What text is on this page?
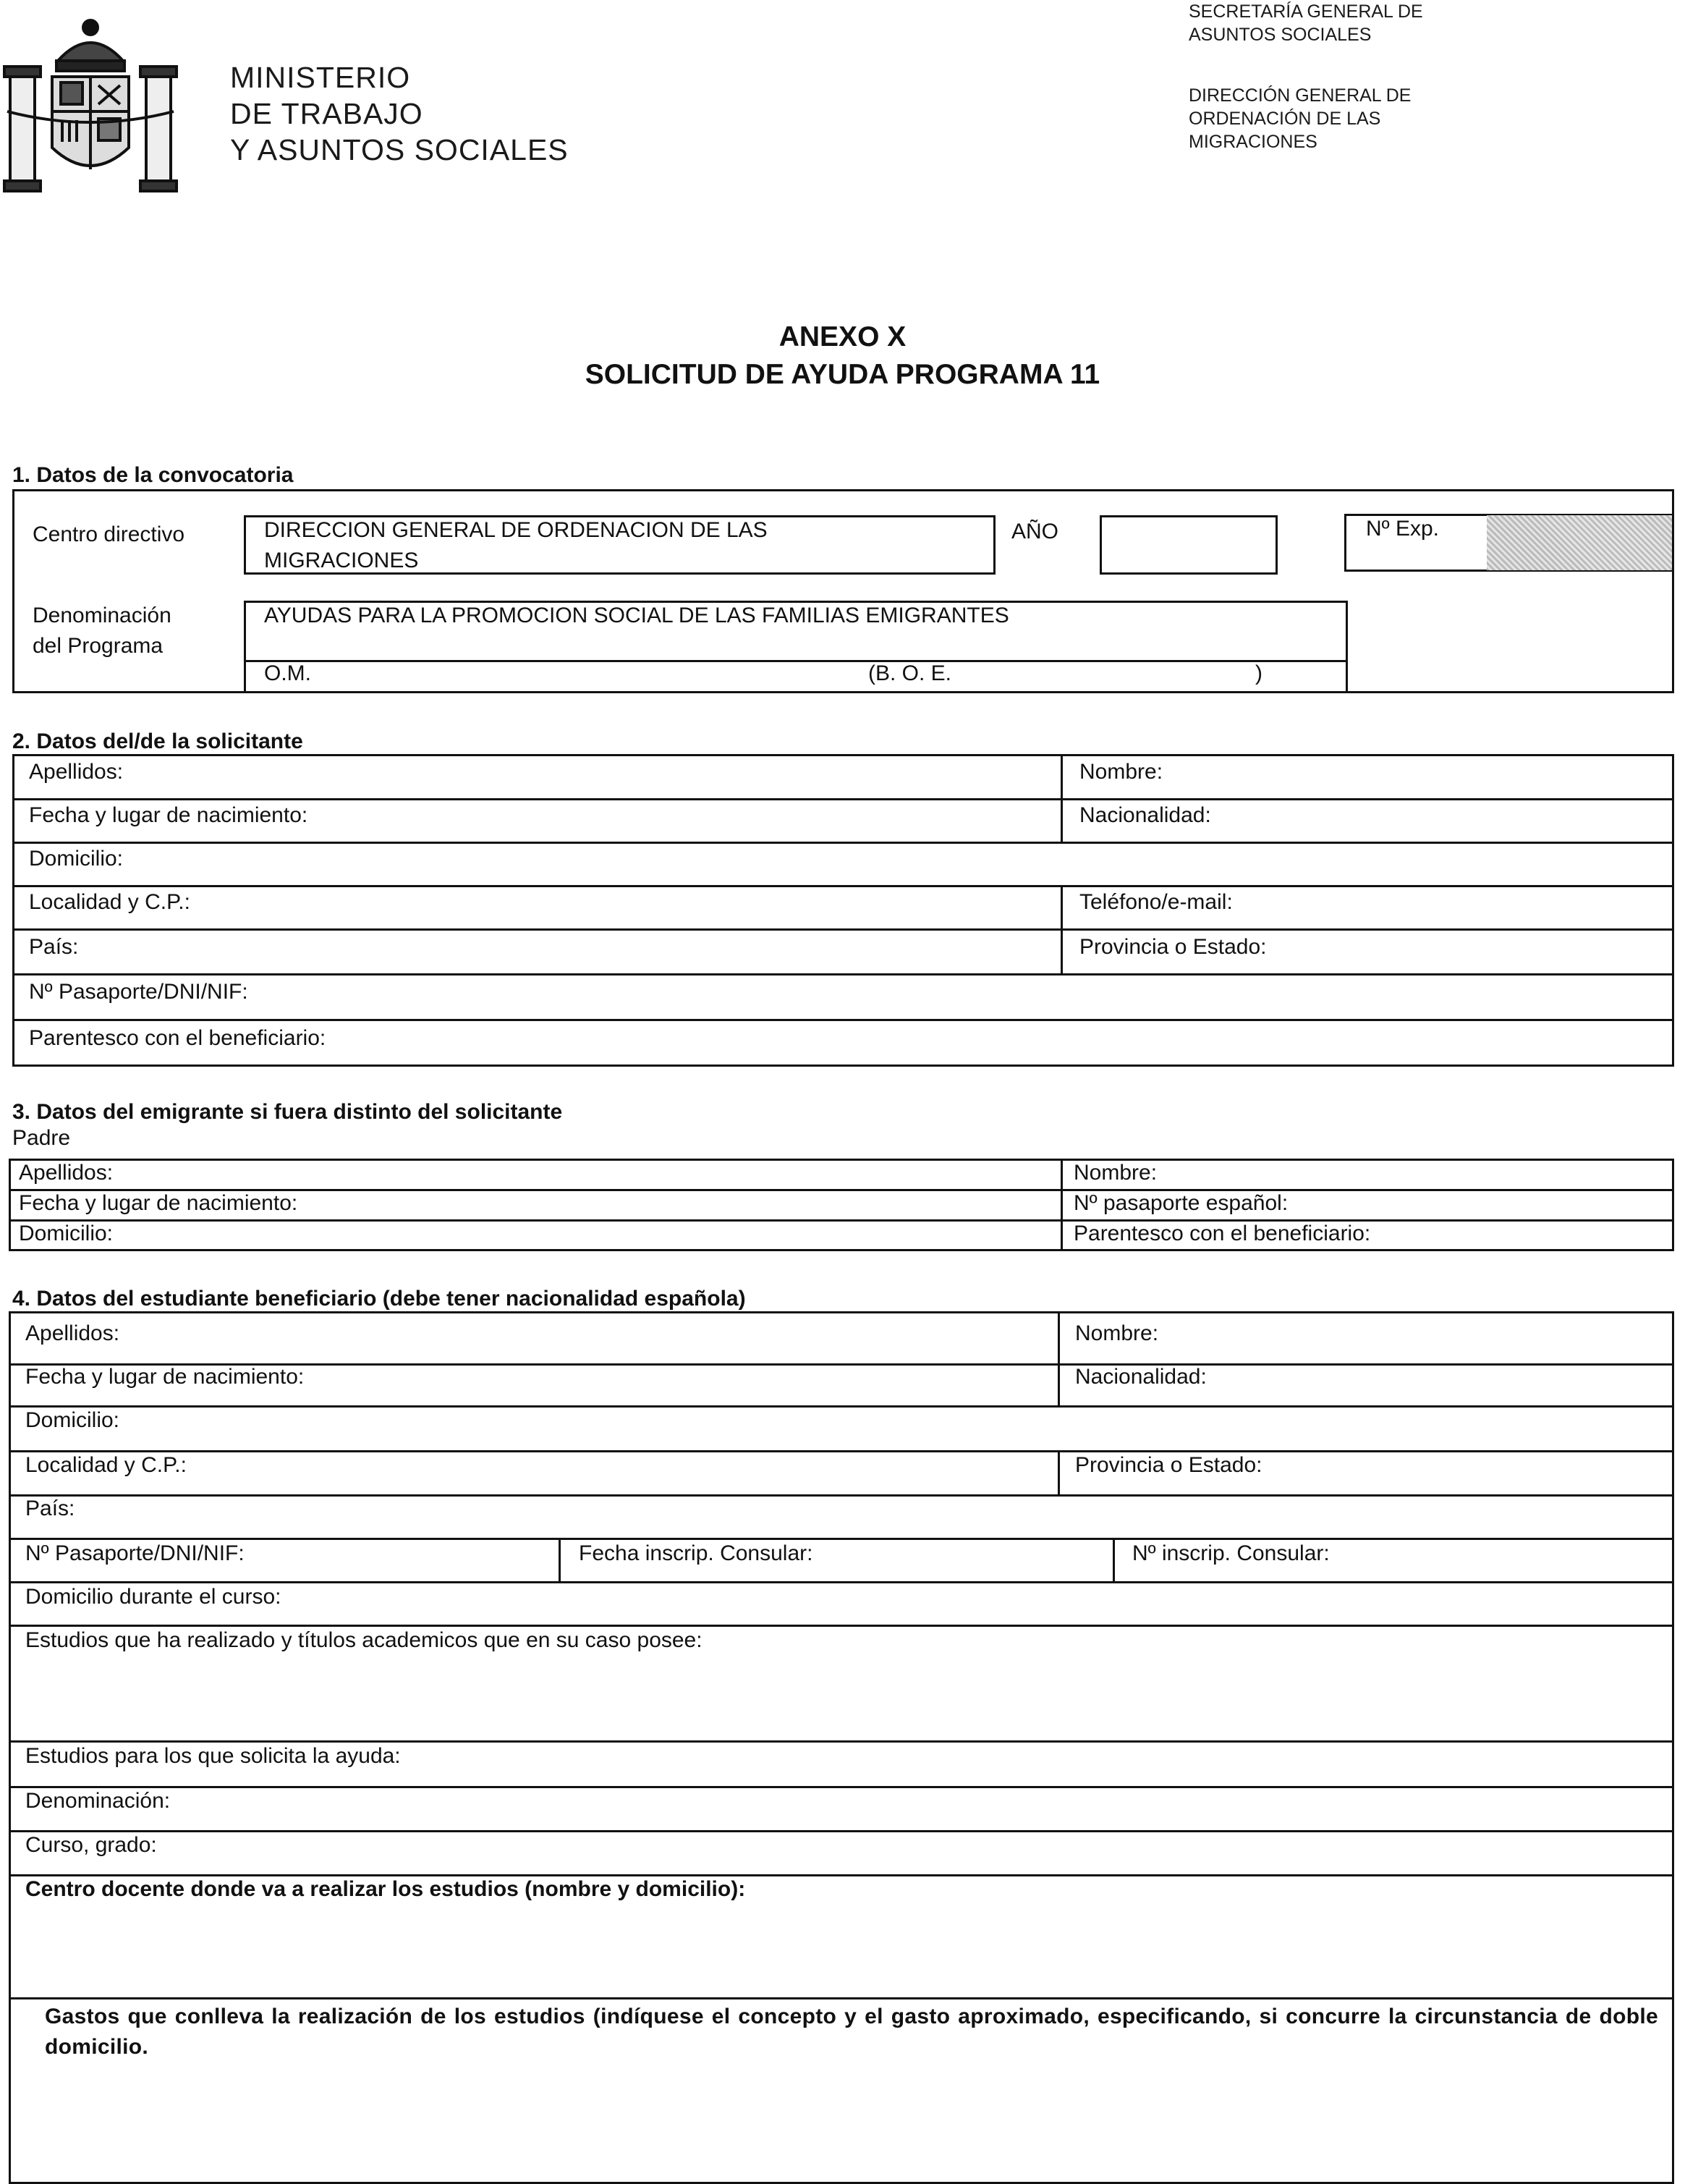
MINISTERIO
DE TRABAJO
Y ASUNTOS SOCIALES
SECRETARÍA GENERAL DE
ASUNTOS SOCIALES
DIRECCIÓN GENERAL DE
ORDENACIÓN DE LAS
MIGRACIONES
ANEXO X
SOLICITUD DE AYUDA PROGRAMA 11
1. Datos de la convocatoria
Centro directivo	DIRECCION GENERAL DE ORDENACION DE LAS
MIGRACIONES
AÑO	Nº Exp.
Denominación
del Programa
AYUDAS PARA LA PROMOCION SOCIAL DE LAS FAMILIAS EMIGRANTES
O.M.	(B. O. E.	)
2. Datos del/de la solicitante
Apellidos:	Nombre:
Fecha y lugar de nacimiento:	Nacionalidad:
Domicilio:
Localidad y C.P.:	Teléfono/e-mail:
País:	Provincia o Estado:
Nº Pasaporte/DNI/NIF:
Parentesco con el beneficiario:
3. Datos del emigrante si fuera distinto del solicitante
Padre
Apellidos:	Nombre:
Fecha y lugar de nacimiento:	Nº pasaporte español:
Domicilio:	Parentesco con el beneficiario:
4. Datos del estudiante beneficiario (debe tener nacionalidad española)
Apellidos:	Nombre:
Fecha y lugar de nacimiento:	Nacionalidad:
Domicilio:
Localidad y C.P.:	Provincia o Estado:
País:
Nº Pasaporte/DNI/NIF:	Fecha inscrip. Consular:	Nº inscrip. Consular:
Domicilio durante el curso:
Estudios que ha realizado y títulos academicos que en su caso posee:
Estudios para los que solicita la ayuda:
Denominación:
Curso, grado:
Centro docente donde va a realizar los estudios (nombre y domicilio):
Gastos que conlleva la realización de los estudios (indíquese el concepto y el gasto aproximado, especificando, si concurre la circunstancia de doble domicilio.
